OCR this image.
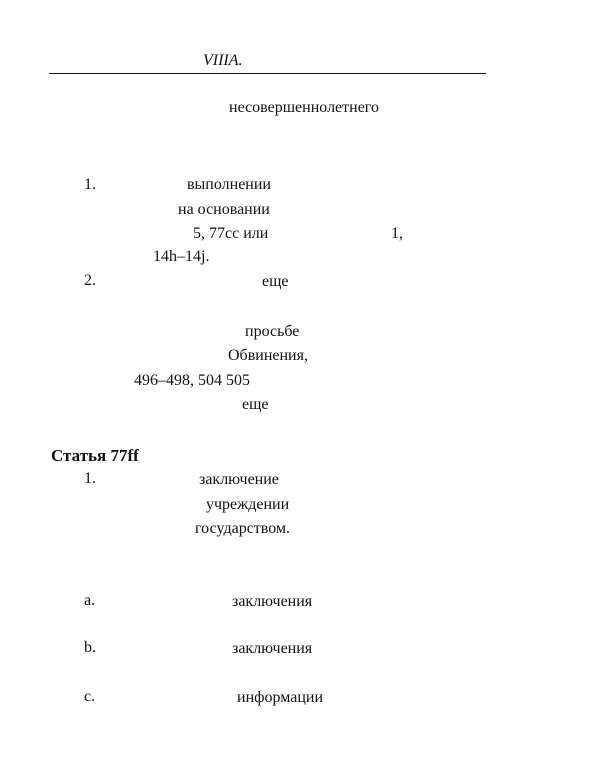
VIIIA.
несовершеннолетнего
1.	выполнении
на основании
5, 77сс или	1,
14h–14j.
2.	еще
просьбе
Обвинения,
496–498, 504 505
еще
Статья 77ff
1.	заключение
учреждении
государством.
a.	заключения
b.	заключения
c.	информации
